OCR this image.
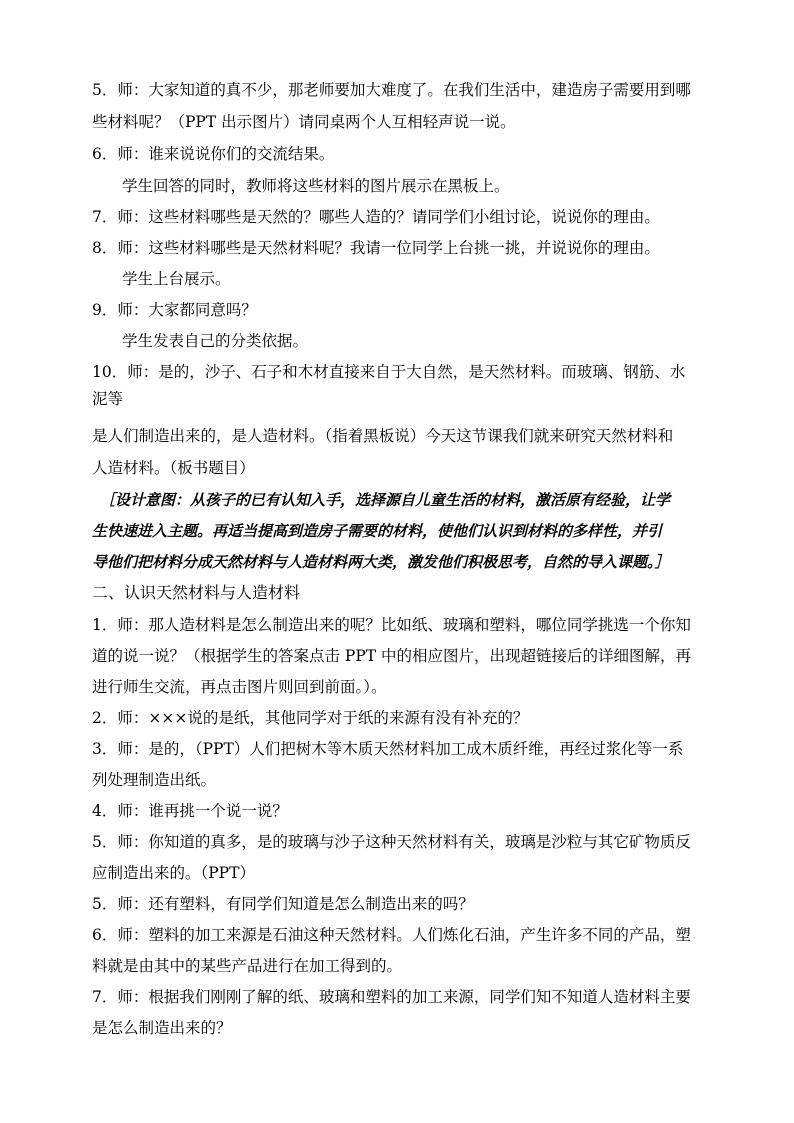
5．师：大家知道的真不少，那老师要加大难度了。在我们生活中，建造房子需要用到哪
些材料呢？（PPT 出示图片）请同桌两个人互相轻声说一说。
6．师：谁来说说你们的交流结果。
学生回答的同时，教师将这些材料的图片展示在黑板上。
7．师：这些材料哪些是天然的？哪些人造的？请同学们小组讨论，说说你的理由。
8．师：这些材料哪些是天然材料呢？我请一位同学上台挑一挑，并说说你的理由。
学生上台展示。
9．师：大家都同意吗？
学生发表自己的分类依据。
10．师：是的，沙子、石子和木材直接来自于大自然，是天然材料。而玻璃、钢筋、水
泥等
是人们制造出来的，是人造材料。（指着黑板说）今天这节课我们就来研究天然材料和
人造材料。（板书题目）
［设计意图：从孩子的已有认知入手，选择源自儿童生活的材料，激活原有经验，让学
生快速进入主题。再适当提高到造房子需要的材料，使他们认识到材料的多样性，并引
导他们把材料分成天然材料与人造材料两大类，激发他们积极思考，自然的导入课题。］
二、认识天然材料与人造材料
1．师：那人造材料是怎么制造出来的呢？比如纸、玻璃和塑料，哪位同学挑选一个你知
道的说一说？（根据学生的答案点击 PPT 中的相应图片，出现超链接后的详细图解，再
进行师生交流，再点击图片则回到前面。）。
2．师：×××说的是纸，其他同学对于纸的来源有没有补充的？
3．师：是的，（PPT）人们把树木等木质天然材料加工成木质纤维，再经过浆化等一系
列处理制造出纸。
4．师：谁再挑一个说一说？
5．师：你知道的真多，是的玻璃与沙子这种天然材料有关，玻璃是沙粒与其它矿物质反
应制造出来的。（PPT）
5．师：还有塑料，有同学们知道是怎么制造出来的吗？
6．师：塑料的加工来源是石油这种天然材料。人们炼化石油，产生许多不同的产品，塑
料就是由其中的某些产品进行在加工得到的。
7．师：根据我们刚刚了解的纸、玻璃和塑料的加工来源，同学们知不知道人造材料主要
是怎么制造出来的？
